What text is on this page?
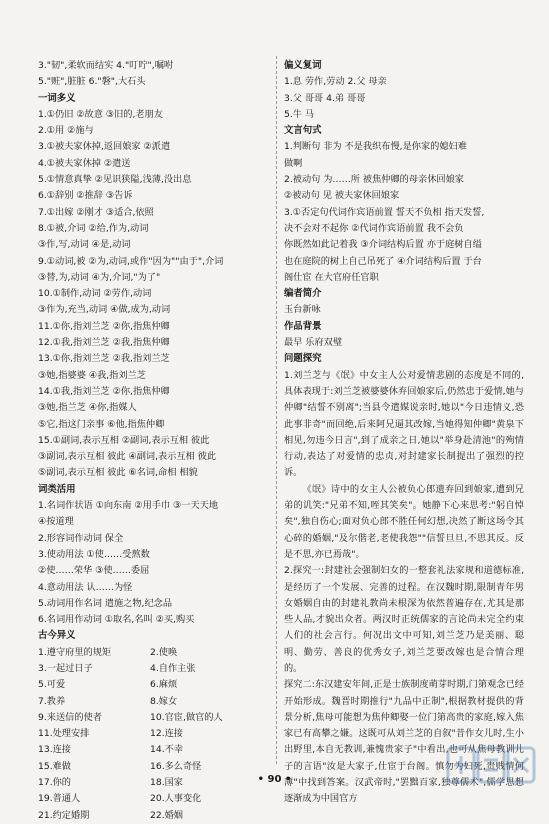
3."韧",柔软而结实 4."叮咛",嘱咐
5."赃",脏脏 6."磐",大石头
一词多义
1.①仍旧 ②故意 ③旧的,老朋友
2.①用 ②施与
3.①被夫家休掉,返回娘家 ②派遣
4.①被夫家休掉 ②遣送
5.①情意真挚 ②见识狭隘,浅薄,没出息
6.①辞别 ②推辞 ③告诉
7.①出嫁 ②刚才 ③适合,依照
8.①被,介词 ②给,作为,动词
③作,写,动词 ④是,动词
9.①动词,被 ②为,动词,或作"因为""由于",介词
③替,为,动词 ④为,介词,"为了"
10.①制作,动词 ②劳作,动词
③作为,充当,动词 ④做,成为,动词
11.①你,指刘兰芝 ②你,指焦仲卿
12.①我,指刘兰芝 ②我,指焦仲卿
13.①你,指刘兰芝 ②我,指刘兰芝
③她,指婆婆 ④我,指刘兰芝
14.①我,指刘兰芝 ②你,指焦仲卿
③她,指兰芝 ④你,指媒人
⑤它,指这门亲事 ⑥他,指焦仲卿
15.①副词,表示互相 ②副词,表示互相 彼此
③副词,表示互相 彼此 ④副词,表示互相 彼此
⑤副词,表示互相 彼此 ⑥名词,命相 相貌
词类活用
1.名词作状语 ①向东南 ②用手巾 ③一天天地
④按道理
2.形容词作动词 保全
3.使动用法 ①使……受熬数
②使……荣华 ③使……委屈
4.意动用法 认……为怪
5.动词用作名词 遣施之物,纪念品
6.名词用作动词 ①取名,名叫 ②买,购买
古今异义
1.遵守府里的规矩	2.使唤
3.一起过日子	4.自作主张
5.可爱	6.麻烦
7.教养	8.嫁女
9.来送信的使者	10.官宦,做官的人
11.处理安排	12.连接
13.连接	14.不幸
15.难做	16.多么奇怪
17.你的	18.国家
19.普通人	20.人事变化
21.约定婚期	22.婚姻
偏义复词
1.息 劳作,劳动 2.父 母亲
3.父 哥哥 4.弟 哥哥
5.牛 马
文言句式
1.判断句 非为 不是我织布慢,是你家的媳妇难
做啊
2.被动句 为……所 被焦仲卿的母亲休回娘家
②被动句 见 被夫家休回娘家
3.①否定句代词作宾语前置 誓天不负相 指天发誓,
决不会对不起你 ②代词作宾语前置 我不会负
你既然如此记着我 ③介词结构后置 亦于庭树自缢
也在庭院的树上自己吊死了 ④介词结构后置 于台
阁仕宦 在大官府任官职
编者简介
玉台新咏
作品背景
最早 乐府双璧
问题探究
1.刘兰芝与《氓》中女主人公对爱情悲剧的态度是不同的,具体表现于:刘兰芝被婆婆休弃回娘家后,仍然忠于爱情,她与仲卿"结誓不别离";当县令遣媒说亲时,她以"今日违情义,恐此事非奇"而回绝,后来阿兄逼其改嫁,当她得知仲卿"黄泉下相见,勿违今日言",到了成亲之日,她以"举身赴清池"的殉情行动,表达了对爱情的忠贞,对封建家长制提出了强烈的控诉。
《氓》诗中的女主人公被负心郎遗弃回到娘家,遭到兄弟的讥笑:"兄弟不知,咥其笑矣"。她静下心来思考:"躬自悼矣",独自伤心;面对负心郎不胜任何幻想,决然了断这场令其心碎的婚姻,"及尔偕老,老使我怨""信誓旦旦,不思其反。反是不思,亦已焉哉"。
2.探究一:封建社会强制妇女的一整套礼法家规和道德标准,是经历了一个发展、完善的过程。在汉魏时期,限制青年男女婚姻自由的封建礼教尚未根深为依然普遍存在,尤其是那些人品,才貌出众者。两汉时正统儒家的言论尚未完全约束人们的社会言行。何况出文中可知,刘兰芝乃是美丽、聪明、勤劳、善良的优秀女子,刘兰芝要改嫁也是合情合理的。
探究二:东汉建安年间,正是士族制度萌芽时期,门第观念已经开始形成。魏晋时期推行"九品中正制",根据教材提供的背景分析,焦母可能想为焦仲卿娶一位门第高贵的家庭,嫁入焦家已有高攀之嫌。这既可从刘兰芝的自叙"昔作女儿时,生小出野里,本自无教训,兼愧贵家子"中看出,也可从焦母教训儿子的言语"汝是大家子,仕宦于台阁。慎勿为妇死,贵贱情何薄"中找到答案。汉武帝时,"罢黜百家,独尊儒术",儒学思想逐渐成为中国官方
• 90 •
